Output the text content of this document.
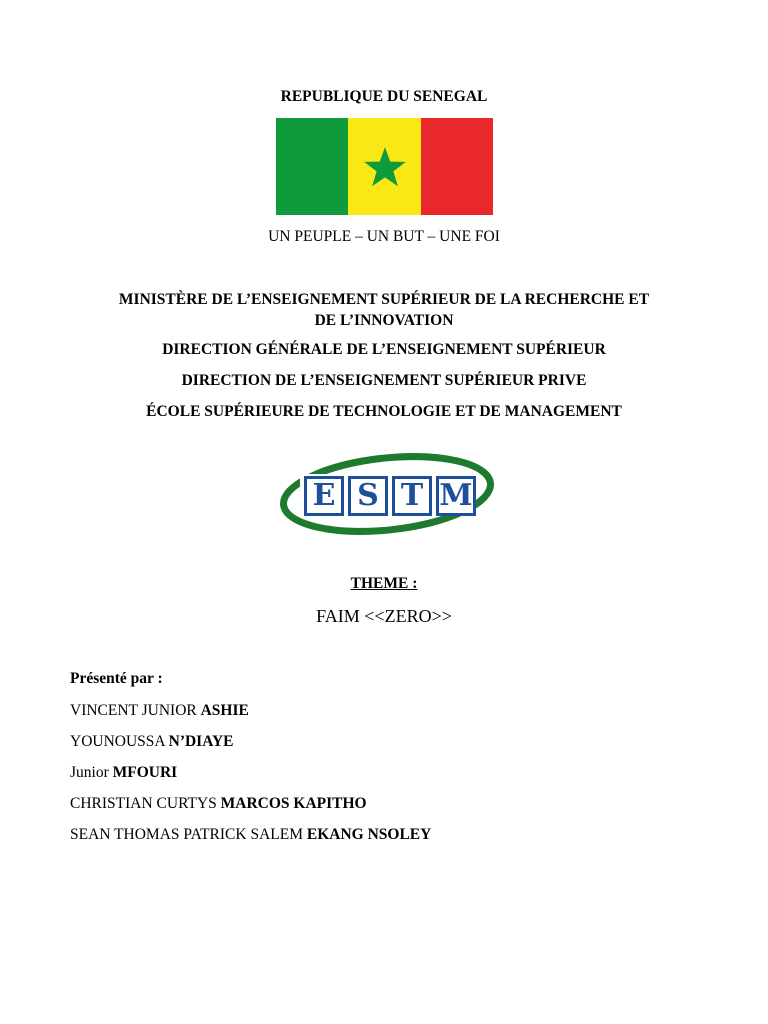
REPUBLIQUE DU SENEGAL
UN PEUPLE – UN BUT – UNE FOI
MINISTÈRE DE L’ENSEIGNEMENT SUPÉRIEUR DE LA RECHERCHE ET
DE L’INNOVATION
DIRECTION GÉNÉRALE DE L’ENSEIGNEMENT SUPÉRIEUR
DIRECTION DE L’ENSEIGNEMENT SUPÉRIEUR PRIVE
ÉCOLE SUPÉRIEURE DE TECHNOLOGIE ET DE MANAGEMENT
E S T M
THEME :
FAIM <<ZERO>>
Présenté par :
VINCENT JUNIOR ASHIE
YOUNOUSSA N’DIAYE
Junior MFOURI
CHRISTIAN CURTYS MARCOS KAPITHO
SEAN THOMAS PATRICK SALEM EKANG NSOLEY
